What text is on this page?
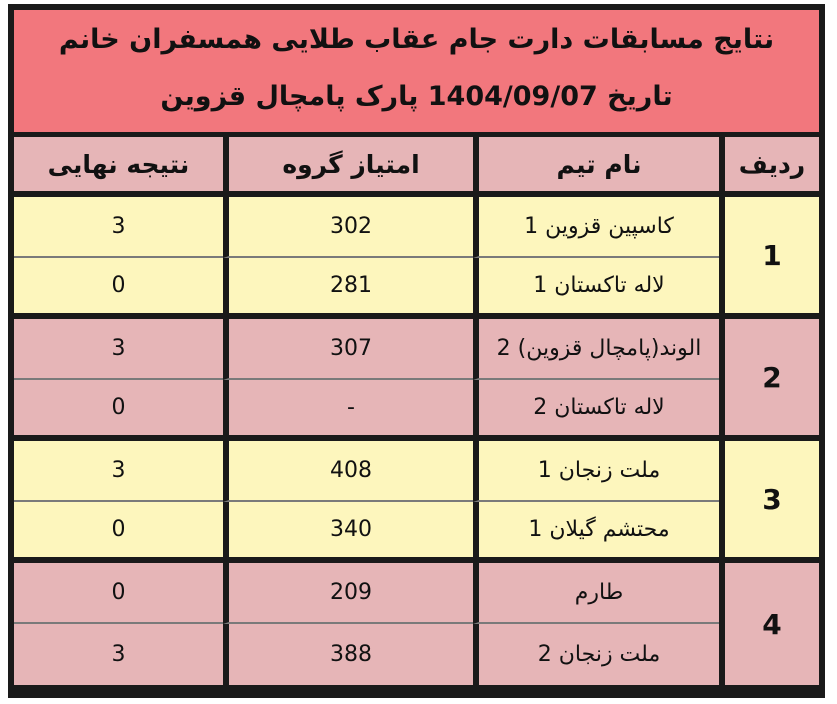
نتایج مسابقات دارت جام عقاب طلایی همسفران خانم
تاریخ 1404/09/07 پارک پامچال قزوین
ردیف	نام تیم	امتیاز گروه	نتیجه نهایی
1	کاسپین قزوین 1	302	3
	لاله تاکستان 1	281	0
2	الوند(پامچال قزوین) 2	307	3
	لاله تاکستان 2	-	0
3	ملت زنجان 1	408	3
	محتشم گیلان 1	340	0
4	طارم	209	0
	ملت زنجان 2	388	3
